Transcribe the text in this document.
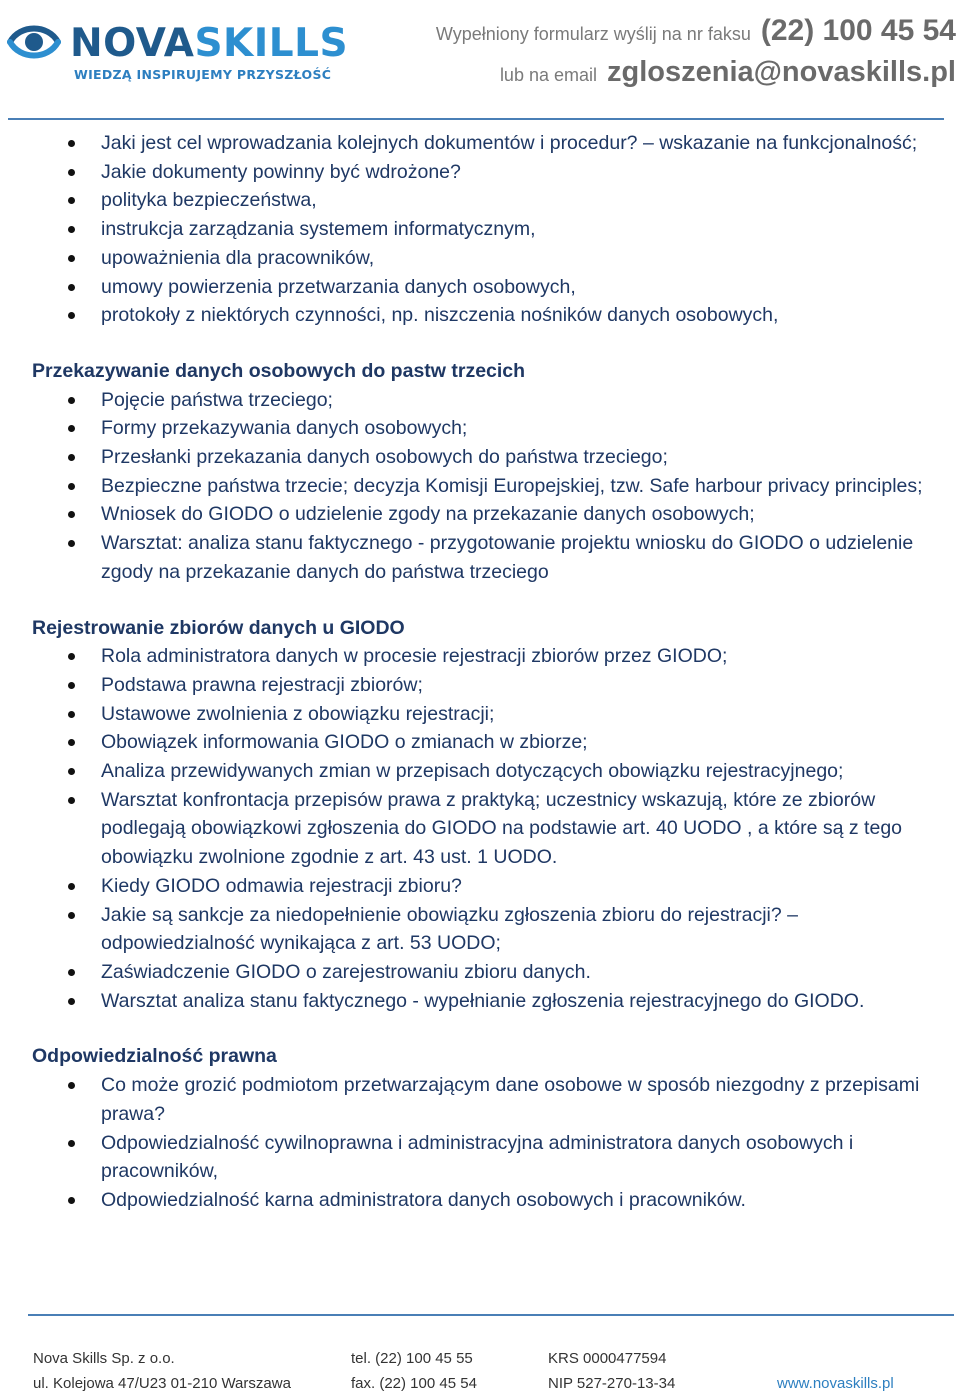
NOVASKILLS
WIEDZĄ INSPIRUJEMY PRZYSZŁOŚĆ
Wypełniony formularz wyślij na nr faksu (22) 100 45 54
lub na email zgloszenia@novaskills.pl
Jaki jest cel wprowadzania kolejnych dokumentów i procedur? – wskazanie na funkcjonalność;
Jakie dokumenty powinny być wdrożone?
polityka bezpieczeństwa,
instrukcja zarządzania systemem informatycznym,
upoważnienia dla pracowników,
umowy powierzenia przetwarzania danych osobowych,
protokoły z niektórych czynności, np. niszczenia nośników danych osobowych,
Przekazywanie danych osobowych do pastw trzecich
Pojęcie państwa trzeciego;
Formy przekazywania danych osobowych;
Przesłanki przekazania danych osobowych do państwa trzeciego;
Bezpieczne państwa trzecie; decyzja Komisji Europejskiej, tzw. Safe harbour privacy principles;
Wniosek do GIODO o udzielenie zgody na przekazanie danych osobowych;
Warsztat: analiza stanu faktycznego - przygotowanie projektu wniosku do GIODO o udzielenie zgody na przekazanie danych do państwa trzeciego
Rejestrowanie zbiorów danych u GIODO
Rola administratora danych w procesie rejestracji zbiorów przez GIODO;
Podstawa prawna rejestracji zbiorów;
Ustawowe zwolnienia z obowiązku rejestracji;
Obowiązek informowania GIODO o zmianach w zbiorze;
Analiza przewidywanych zmian w przepisach dotyczących obowiązku rejestracyjnego;
Warsztat konfrontacja przepisów prawa z praktyką; uczestnicy wskazują, które ze zbiorów podlegają obowiązkowi zgłoszenia do GIODO na podstawie art. 40 UODO , a które są z tego obowiązku zwolnione zgodnie z art. 43 ust. 1 UODO.
Kiedy GIODO odmawia rejestracji zbioru?
Jakie są sankcje za niedopełnienie obowiązku zgłoszenia zbioru do rejestracji? – odpowiedzialność wynikająca z art. 53 UODO;
Zaświadczenie GIODO o zarejestrowaniu zbioru danych.
Warsztat analiza stanu faktycznego - wypełnianie zgłoszenia rejestracyjnego do GIODO.
Odpowiedzialność prawna
Co może grozić podmiotom przetwarzającym dane osobowe w sposób niezgodny z przepisami prawa?
Odpowiedzialność cywilnoprawna i administracyjna administratora danych osobowych i pracowników,
Odpowiedzialność karna administratora danych osobowych i pracowników.
Nova Skills Sp. z o.o.
ul. Kolejowa 47/U23 01-210 Warszawa
tel. (22) 100 45 55
fax. (22) 100 45 54
KRS 0000477594
NIP 527-270-13-34	www.novaskills.pl
